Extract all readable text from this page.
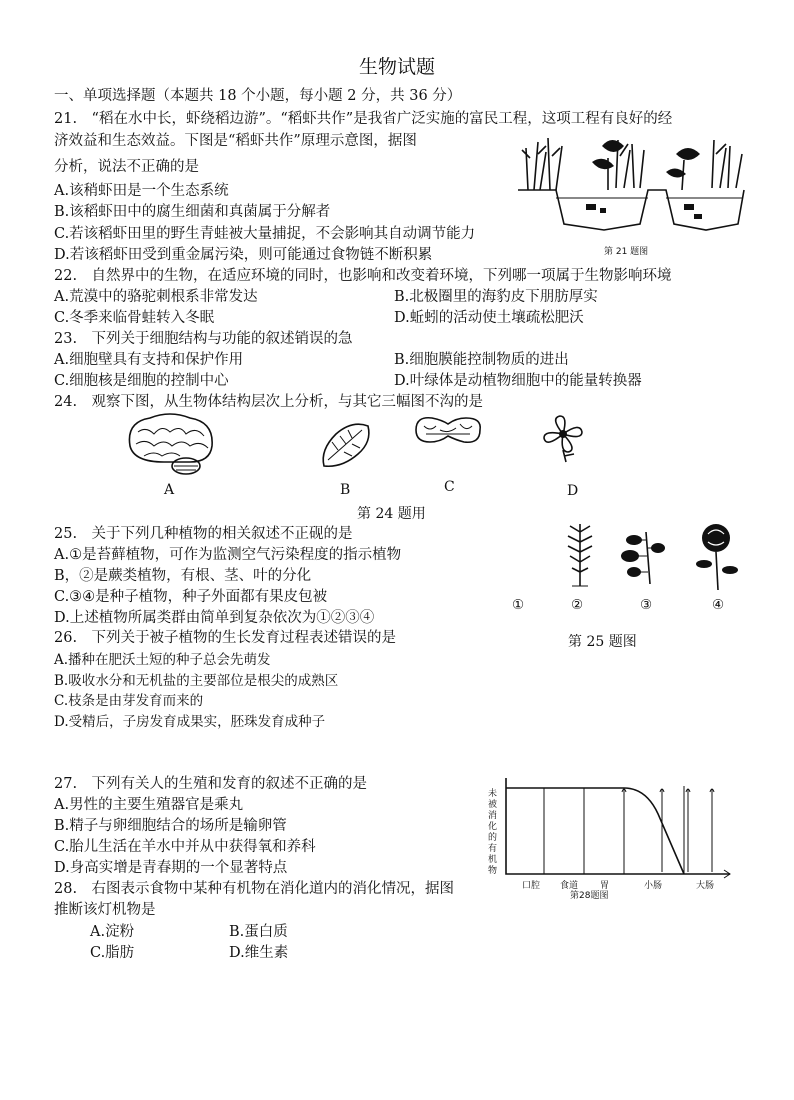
生物试题
一、单项选择题（本题共 18 个小题，每小题 2 分，共 36 分）
21.　“稻在水中长，虾绕稻边游”。“稻虾共作”是我省广泛实施的富民工程，这项工程有良好的经
济效益和生态效益。下图是“稻虾共作”原理示意图，据图
分析，说法不正确的是
A.该稍虾田是一个生态系统
B.该稻虾田中的腐生细菌和真菌属于分解者
C.若该稻虾田里的野生青蛙被大量捕捉，不会影响其自动调节能力
D.若该稻虾田受到重金属污染，则可能通过食物链不断积累	第 21 题图
22.　自然界中的生物，在适应环境的同时，也影响和改变着环境，下列哪一项属于生物影响环境
A.荒漠中的骆驼刺根系非常发达	B.北极圈里的海豹皮下朋肪厚实
C.冬季来临骨蛙转入冬眠	D.蚯蚓的活动使土壤疏松肥沃
23.　下列关于细胞结构与功能的叙述销误的急
A.细胞壁具有支持和保护作用	B.细胞膜能控制物质的进出
C.细胞核是细胞的控制中心	D.叶绿体是动植物细胞中的能量转换器
24.　观察下图，从生物体结构层次上分析，与其它三幅图不沟的是
A	B	C	D
第 24 题用
25.　关于下列几种植物的相关叙述不正砚的是
A.①是苔藓植物，可作为监测空气污染程度的指示植物
B，②是蕨类植物，有根、茎、叶的分化
C.③④是种子植物，种子外面都有果皮包被
D.上述植物所属类群由简单到复杂依次为①②③④
①	②	③	④
第 25 题图
26.　下列关于被子植物的生长发育过程表述错误的是
A.播种在肥沃土短的种子总会先萌发
B.吸收水分和无机盐的主要部位是根尖的成熟区
C.枝条是由芽发育而来的
D.受精后，子房发育成果实，胚珠发育成种子
27.　下列有关人的生殖和发育的叙述不正确的是
A.男性的主要生殖器官是乘丸
B.精子与卵细胞结合的场所是输卵管
C.胎儿生活在羊水中并从中获得氧和养科
D.身高实增是青春期的一个显著特点
28.　右图表示食物中某种有机物在消化道内的消化情况，据图
推断该灯机物是
A.淀粉	B.蛋白质
C.脂肪	D.维生素
未
被
消
化
的
有
机
物
口腔 食道 胃	小肠	大肠
第28题图
